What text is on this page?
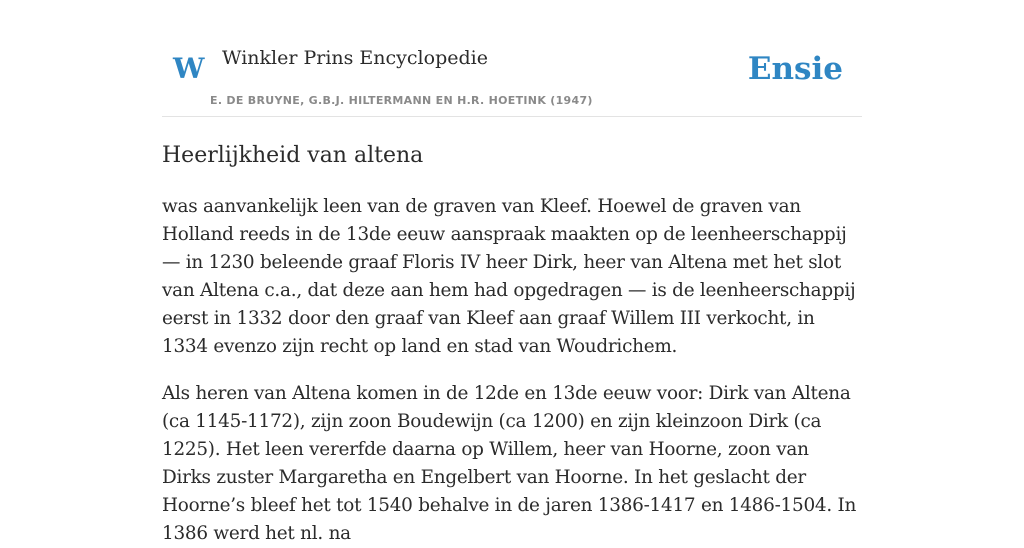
W Winkler Prins Encyclopedie
E. DE BRUYNE, G.B.J. HILTERMANN EN H.R. HOETINK (1947)
Ensie
Heerlijkheid van altena

was aanvankelijk leen van de graven van Kleef. Hoewel de graven van Holland reeds in de 13de eeuw aanspraak maakten op de leenheerschappij — in 1230 beleende graaf Floris IV heer Dirk, heer van Altena met het slot van Altena c.a., dat deze aan hem had opgedragen — is de leenheerschappij eerst in 1332 door den graaf van Kleef aan graaf Willem III verkocht, in 1334 evenzo zijn recht op land en stad van Woudrichem.

Als heren van Altena komen in de 12de en 13de eeuw voor: Dirk van Altena (ca 1145-1172), zijn zoon Boudewijn (ca 1200) en zijn kleinzoon Dirk (ca 1225). Het leen vererfde daarna op Willem, heer van Hoorne, zoon van Dirks zuster Margaretha en Engelbert van Hoorne. In het geslacht der Hoorne’s bleef het tot 1540 behalve in de jaren 1386-1417 en 1486-1504. In 1386 werd het nl. na
